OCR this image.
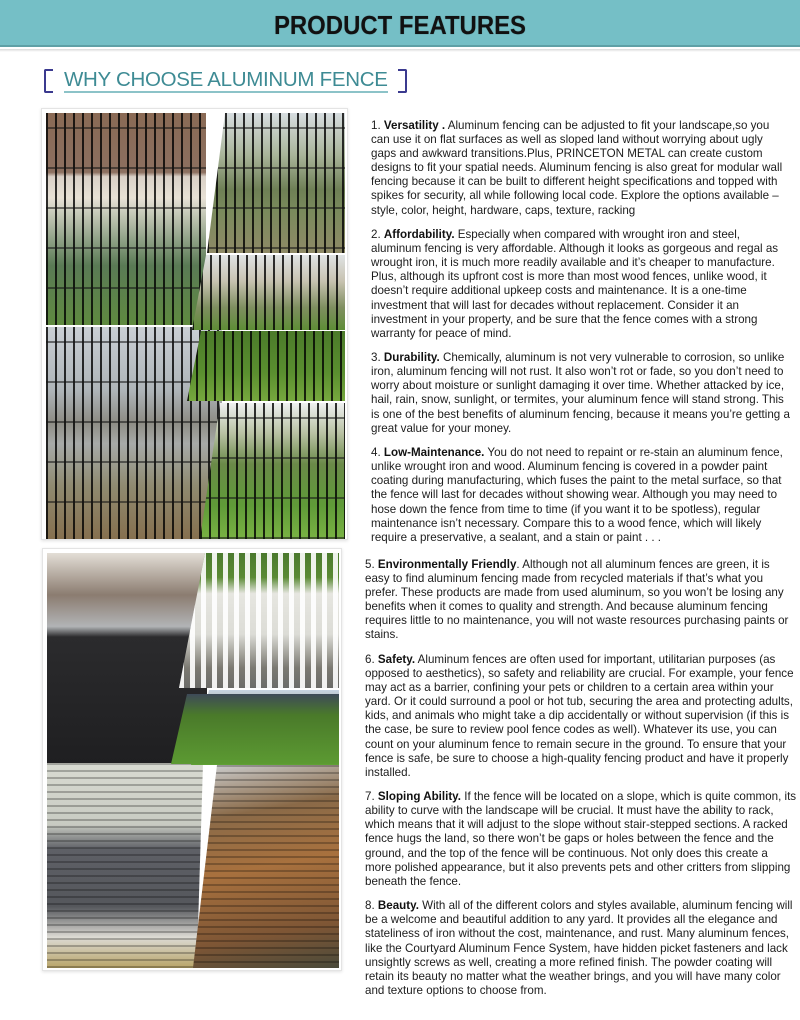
PRODUCT FEATURES
WHY CHOOSE ALUMINUM FENCE

1. Versatility . Aluminum fencing can be adjusted to fit your landscape,so you can use it on flat surfaces as well as sloped land without worrying about ugly gaps and awkward transitions.Plus, PRINCETON METAL can create custom designs to fit your spatial needs. Aluminum fencing is also great for modular wall fencing because it can be built to different height specifications and topped with spikes for security, all while following local code. Explore the options available – style, color, height, hardware, caps, texture, racking

2. Affordability. Especially when compared with wrought iron and steel, aluminum fencing is very affordable. Although it looks as gorgeous and regal as wrought iron, it is much more readily available and it’s cheaper to manufacture. Plus, although its upfront cost is more than most wood fences, unlike wood, it doesn’t require additional upkeep costs and maintenance. It is a one-time investment that will last for decades without replacement. Consider it an investment in your property, and be sure that the fence comes with a strong warranty for peace of mind.

3. Durability. Chemically, aluminum is not very vulnerable to corrosion, so unlike iron, aluminum fencing will not rust. It also won’t rot or fade, so you don’t need to worry about moisture or sunlight damaging it over time. Whether attacked by ice, hail, rain, snow, sunlight, or termites, your aluminum fence will stand strong. This is one of the best benefits of aluminum fencing, because it means you’re getting a great value for your money.

4. Low-Maintenance. You do not need to repaint or re-stain an aluminum fence, unlike wrought iron and wood. Aluminum fencing is covered in a powder paint coating during manufacturing, which fuses the paint to the metal surface, so that the fence will last for decades without showing wear. Although you may need to hose down the fence from time to time (if you want it to be spotless), regular maintenance isn’t necessary. Compare this to a wood fence, which will likely require a preservative, a sealant, and a stain or paint . . .

5. Environmentally Friendly. Although not all aluminum fences are green, it is easy to find aluminum fencing made from recycled materials if that’s what you prefer. These products are made from used aluminum, so you won’t be losing any benefits when it comes to quality and strength. And because aluminum fencing requires little to no maintenance, you will not waste resources purchasing paints or stains.

6. Safety. Aluminum fences are often used for important, utilitarian purposes (as opposed to aesthetics), so safety and reliability are crucial. For example, your fence may act as a barrier, confining your pets or children to a certain area within your yard. Or it could surround a pool or hot tub, securing the area and protecting adults, kids, and animals who might take a dip accidentally or without supervision (if this is the case, be sure to review pool fence codes as well). Whatever its use, you can count on your aluminum fence to remain secure in the ground. To ensure that your fence is safe, be sure to choose a high-quality fencing product and have it properly installed.

7. Sloping Ability. If the fence will be located on a slope, which is quite common, its ability to curve with the landscape will be crucial. It must have the ability to rack, which means that it will adjust to the slope without stair-stepped sections. A racked fence hugs the land, so there won’t be gaps or holes between the fence and the ground, and the top of the fence will be continuous. Not only does this create a more polished appearance, but it also prevents pets and other critters from slipping beneath the fence.

8. Beauty. With all of the different colors and styles available, aluminum fencing will be a welcome and beautiful addition to any yard. It provides all the elegance and stateliness of iron without the cost, maintenance, and rust. Many aluminum fences, like the Courtyard Aluminum Fence System, have hidden picket fasteners and lack unsightly screws as well, creating a more refined finish. The powder coating will retain its beauty no matter what the weather brings, and you will have many color and texture options to choose from.
